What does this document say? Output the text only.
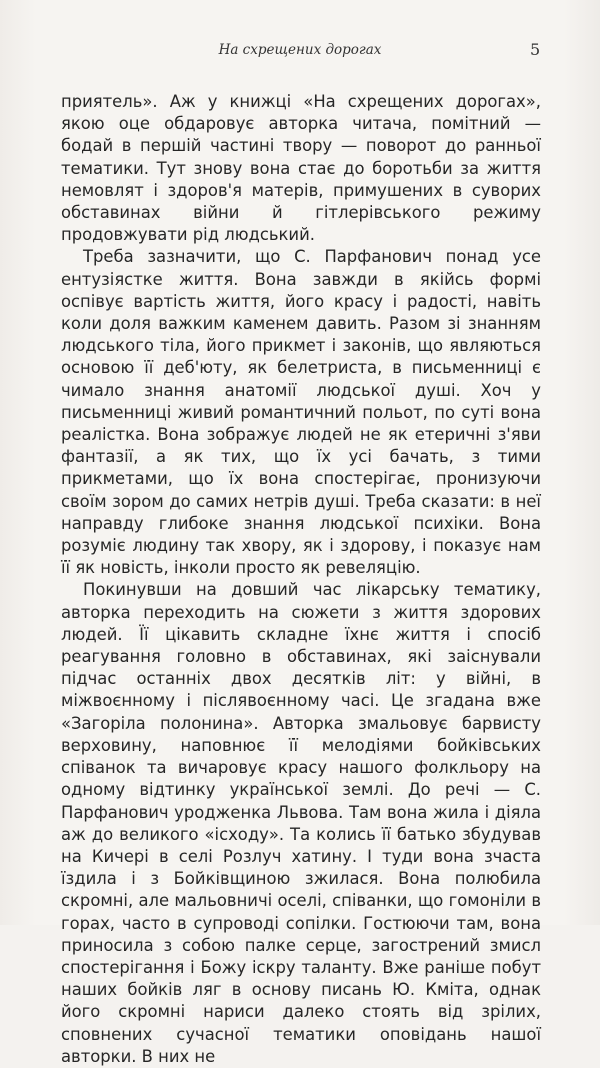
На схрещених дорогах	5

приятель». Аж у книжці «На схрещених дорогах», якою оце обдаровує авторка читача, помітний — бодай в першій частині твору — поворот до ранньої тематики. Тут знову вона стає до боротьби за життя немовлят і здоров'я матерів, примушених в суворих обставинах війни й гітлерівського режиму продовжувати рід людський.

Треба зазначити, що С. Парфанович понад усе ентузіястке життя. Вона завжди в якійсь формі оспівує вартість життя, його красу і радості, навіть коли доля важким каменем давить. Разом зі знанням людського тіла, його прикмет і законів, що являються основою її деб'юту, як белетриста, в письменниці є чимало знання анатомії людської душі. Хоч у письменниці живий романтичний польот, по суті вона реалістка. Вона зображує людей не як етеричні з'яви фантазії, а як тих, що їх усі бачать, з тими прикметами, що їх вона спостерігає, пронизуючи своїм зором до самих нетрів душі. Треба сказати: в неї направду глибоке знання людської психіки. Вона розуміє людину так хвору, як і здорову, і показує нам її як новість, інколи просто як ревеляцію.

Покинувши на довший час лікарську тематику, авторка переходить на сюжети з життя здорових людей. Її цікавить складне їхнє життя і спосіб реагування головно в обставинах, які заіснували підчас останніх двох десятків літ: у війні, в міжвоєнному і післявоєнному часі. Це згадана вже «Загоріла полонина». Авторка змальовує барвисту верховину, наповнює її мелодіями бойківських співанок та вичаровує красу нашого фолкльору на одному відтинку української землі. До речі — С. Парфанович уродженка Львова. Там вона жила і діяла аж до великого «ісходу». Та колись її батько збудував на Кичері в селі Розлуч хатину. І туди вона зчаста їздила і з Бойківщиною зжилася. Вона полюбила скромні, але мальовничі оселі, співанки, що гомоніли в горах, часто в супроводі сопілки. Гостюючи там, вона приносила з собою палке серце, загострений змисл спостерігання і Божу іскру таланту. Вже раніше побут наших бойків ляг в основу писань Ю. Кміта, однак його скромні нариси далеко стоять від зрілих, сповнених сучасної тематики оповідань нашої авторки. В них не
